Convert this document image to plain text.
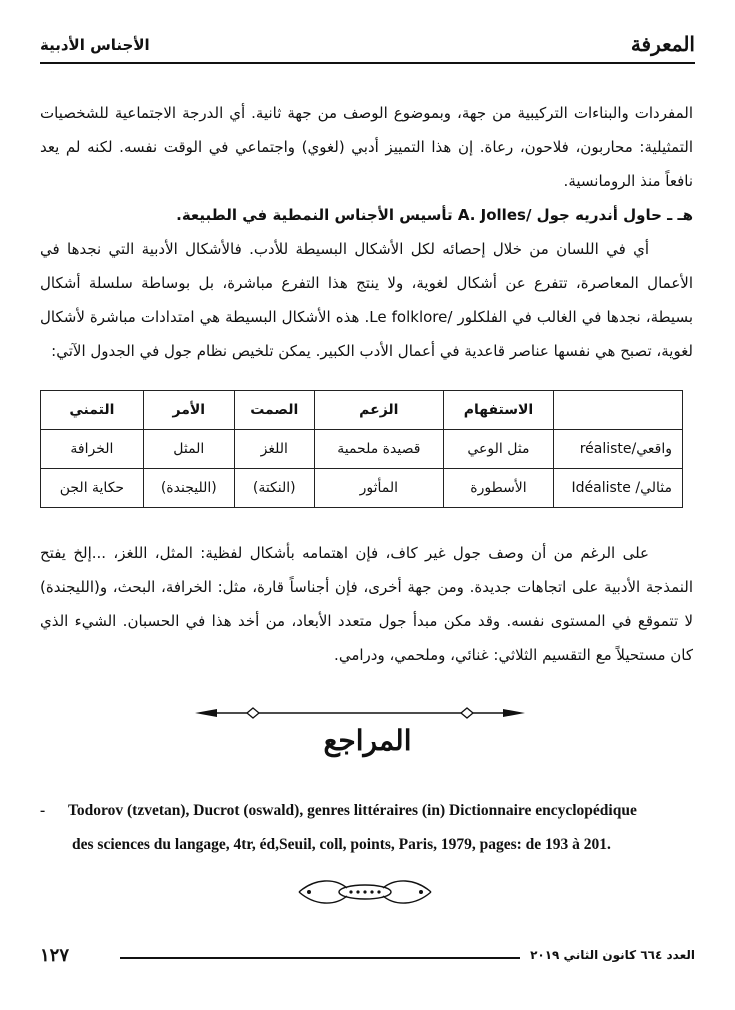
المعرفة
الأجناس الأدبية
المفردات والبناءات التركيبية من جهة، وبموضوع الوصف من جهة ثانية. أي الدرجة الاجتماعية للشخصيات التمثيلية: محاربون، فلاحون، رعاة. إن هذا التمييز أدبي (لغوي) واجتماعي في الوقت نفسه. لكنه لم يعد نافعاً منذ الرومانسية.
هـ ـ حاول أندريه جول /A. Jolles تأسيس الأجناس النمطية في الطبيعة.
أي في اللسان من خلال إحصائه لكل الأشكال البسيطة للأدب. فالأشكال الأدبية التي نجدها في الأعمال المعاصرة، تتفرع عن أشكال لغوية، ولا ينتج هذا التفرع مباشرة، بل بوساطة سلسلة أشكال بسيطة، نجدها في الغالب في الفلكلور /Le folklore. هذه الأشكال البسيطة هي امتدادات مباشرة لأشكال لغوية، تصبح هي نفسها عناصر قاعدية في أعمال الأدب الكبير. يمكن تلخيص نظام جول في الجدول الآتي:
	الاستفهام	الزعم	الصمت	الأمر	التمني
واقعي/réaliste	مثل الوعي	قصيدة ملحمية	اللغز	المثل	الخرافة
مثالي/ Idéaliste	الأسطورة	المأثور	(النكتة)	(الليجندة)	حكاية الجن
على الرغم من أن وصف جول غير كاف، فإن اهتمامه بأشكال لفظية: المثل، اللغز، ...إلخ يفتح النمذجة الأدبية على اتجاهات جديدة. ومن جهة أخرى، فإن أجناساً قارة، مثل: الخرافة، البحث، و(الليجندة) لا تتموقع في المستوى نفسه. وقد مكن مبدأ جول متعدد الأبعاد، من أخد هذا في الحسبان. الشيء الذي كان مستحيلاً مع التقسيم الثلاثي: غنائي، وملحمي، ودرامي.
المراجع
- Todorov (tzvetan), Ducrot (oswald), genres littéraires (in) Dictionnaire encyclopédique
des sciences du langage, 4tr, éd,Seuil, coll, points, Paris, 1979, pages: de 193 à 201.
١٢٧	العدد ٦٦٤ كانون الثاني ٢٠١٩
